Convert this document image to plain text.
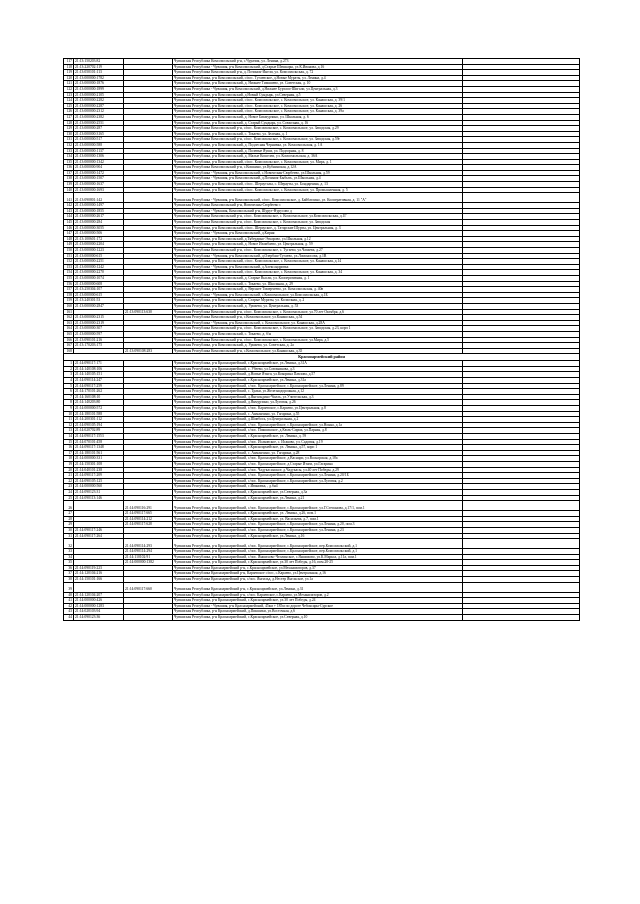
117	21:13:150203:82		Чувашская Республика Комсомольский р-н, с.Чурачик, ул. Ленина, д.273	
118	21:13:220702:119		Чувашская Республика - Чувашия, р-н Комсомольский, д.Старые Шешкары, ул.К.Иванова, д.16	
119	21:13:050101:113		Чувашская Республика Комсомольский р-н, д. Починок-Инели, ул. Комсомольская, д. 72	
120	21:13:000000:1782		Чувашская Республика, р-н Комсомольский, с/пос. Тугаевское, д.Новые Мураты, ул. Ленина, д.4	
121	21:13:000000:1876		Чувашская Республика, р-н Комсомольский, д. Нижнее Тимяшево, ул. Советская, д. 10	
122	21:13:000000:1899		Чувашская Республика - Чувашия, р-н Комсомольский, д.Нижнее Буртаси-Шигали, ул.Центральная, д.3	
123	21:13:000000:2105		Чувашская Республика, р-н Комсомольский, д.Новый Сундырь, ул.Северная, д.5	
124	21:13:000000:2282		Чувашская Республика, р-н Комсомольский, с/пос. Комсомольское, с. Комсомольское, ул. Канашская, д. 39/1	
125	21:13:000000:2287		Чувашская Республика, р-н Комсомольский, с/пос. Комсомольское, с. Комсомольское, ул. Канашская, д. 26	
126	21:13:000000:2312		Чувашская Республика, р-н Комсомольский, с/пос. Комсомольское, с. Комсомольское, ул. Канашская, д. 39а	
127	21:13:000000:2382		Чувашская Республика, р-н Комсомольский, д. Новое Бикмурзино, ул. Школьная, д. 6	
128	21:13:000000:2551		Чувашская Республика, р-н Комсомольский, д. Старый Сундырь, ул. Совхозная, д. 16	
129	21:13:000000:287		Чувашская Республика Комсомольский р-н, с/пос. Комсомольское, с. Комсомольское, ул. Заводская, д.29	
130	21:13:000000:3165		Чувашская Республика, р-н Комсомольский, с. Токаево, ул. Зеленая, д. 1	
131	21:13:000000:517		Чувашская Республика Комсомольский р-н, с/пос. Комсомольское, с. Комсомольское, ул. Заводская, д.59г	
132	21:13:000000:588		Чувашская Республика, р-н Комсомольский, д. Подлесная Чернивка, ул. Комсомольская, д. 1А	
133	21:13:000000:1137		Чувашская Республика, р-н Комсомольский, д. Полевые Яуши, ул. Подгорная, д. 8	
134	21:13:000000:1306		Чувашская Республика, р-н Комсомольский, д. Малые Кошелеи, ул. Комсомольская, д. 36А	
135	21:13:000000:1342		Чувашская Республика, р-н Комсомольский, с/пос. Комсомольское, с. Комсомольское, ул. Мира, д. 1	
136	21:13:000000:904		Чувашская Республика Комсомольский р-н, с.Кошкино, ул.Кубнинская, д.12А	
137	21:13:000000:1472		Чувашская Республика - Чувашия, р-н Комсомольский, с.Новочелны-Сюрбеево, ул.Школьная, д.59	
138	21:13:000000:1507		Чувашская Республика - Чувашия, р-н Комсомольский, д.Починок-Быбыть, ул.Школьная, д.4	
139	21:13:000000:1637		Чувашская Республика, р-н Комсомольский, с/пос. Шерауталы, с. Шерауты, ул. Бондарчина, д. 13	
140	21:13:000000:1693		Чувашская Республика, р-н Комсомольский, с/пос. Комсомольское, с. Комсомольское, ул. Промышленная, д. 5	
141	21:13:090801:142		Чувашская Республика - Чувашия, р-н Комсомольский, с/пос. Комсомольское, д. Байбатлино, ул. Кооперативная, д. 11 "А"	
142	21:13:000000:1497		Чувашская Республика Комсомольский р-н, Новочелны-Сюрбеево с	
143	21:13:000000:1855		Чувашская Республика - Чувашия, Комсомольский р-н, Шурут-Нурусово д	
144	21:13:000000:2617		Чувашская Республика Комсомольский р-н, с/пос. Комсомольское, с. Комсомольское, ул.Комсомольская, д.1Г	
145	21:13:000000:284		Чувашская Республика Комсомольский р-н, с/пос. Комсомольское, с. Комсомольское, ул. Заводская	
146	21:13:000000:3055		Чувашская Республика, р-н Комсомольский, с/пос. Шерауское, д. Татарские Шурты, ул. Центральная, д. 3	
147	21:13:000000:506		Чувашская Республика - Чувашия, р-н Комсомольский, д.Кирня	
148	21:13:100601:172		Чувашская Республика, р-н Комсомольский, д.Тябердино-Эткарово, ул.Школьная, д.12	
149	21:13:000000:2204		Чувашская Республика, р-н Комсомольский, д. Новое Изамбаево, ул. Центральная, д. 59	
150	21:13:000000:1223		Чувашская Республика Комсомольский р-н, с/пос. Комсомольское, с. Тугаево, ул.Чапаева, д.27	
151	21:13:000000:615		Чувашская Республика - Чувашия, р-н Комсомольский, д.Озербаш-Тугаево, ул.Ломоносова, д.1В	
152	21:13:000000:2251		Чувашская Республика, р-н Комсомольский, с/пос. Комсомольское, с. Комсомольское, ул. Канашская, д.14	
153	21:13:000000:1242		Чувашская Республика - Чувашия, р-н Комсомольский, д.Александровка	
154	21:13:000000:2270		Чувашская Республика, р-н Комсомольский, с/пос. Комсомольское, с. Комсомольское, ул. Канашская, д. 34	
155	21:13:000000:1074		Чувашская Республика, р-н Комсомольский, д. Старые Высли, ул. Кооперативная, д. 1	
156	21:13:000000:608		Чувашская Республика, р-н Комсомольский, с. Токаево, ул. Школьная, д. 29	
157	21:13:250304:107		Чувашская Республика, р-н Комсомольский, д. Верхнее Тимерчеево, ул. Комсомольская, д. 40в	
158	21:13:000000:615		Чувашская Республика - Чувашия, р-н Комсомольский, с.Комсомольское, ул.Комсомольская, д.1Б	
159	21:13:240301:53		Чувашская Республика, р-н Комсомольский, д. Старые Мураты, ул. Колхозная, д. 2	
160	21:13:000000:2847		Чувашская Республика, р-н Комсомольский, д. Урмаево, ул. Центральная, д. 53	
161		21:13:090113:630	Чувашская Республика Комсомольский р-н, с/пос. Комсомольское, с. Комсомольское, ул.70 лет Октября, д.6	
162	21:13:000000:2315		Чувашская Республика Комсомольский р-н, с.Комсомольское, ул.Канашская, д.54	
163	21:13:000000:2319		Чувашская Республика - Чувашия, р-н Комсомольский, с. Комсомольское, ул. Канашская, д.28А	
164	21:13:000000:307		Чувашская Республика Комсомольский р-н, с/пос. Комсомольское, с. Комсомольское, ул. Заводская, д.23, корп 1	
165	21:13:000000:597		Чувашская Республика, р-н Комсомольский, с. Токаево, д. б/н	
166	21:13:090101:216		Чувашская Республика Комсомольский р-н, с/пос. Комсомольское, с. Комсомольское, ул.Мира, д.5	
167	21:13:170203:175		Чувашская Республика, р-н Комсомольский, д. Урмаево, ул. Советская, д. 2а	
168		21:13:090108:283	Чувашская Республика Комсомольский р-н, с.Комсомольское, ул.Канашская, д.35	
Красноармейский район				
1	21:14:090117:171		Чувашская Республика, р-н Красноармейский, с.Красноармейское, ул.Ленина, д.31А	
2	21:14:140108:106		Чувашская Республика, р-н Красноармейский, с. Убеево, ул.Союзникова, д.3	
3	21:14:140105:151		Чувашская Республика, р-н Красноармейский, д.Новые Ятнги, ул.Кокорина Павлова, д.57	
4	21:14:090114:247		Чувашская Республика, р-н Красноармейский, с.Красноармейское, ул.Ленина, д.31а	
5	21:14:090117:259		Чувашская Республика, р-н Красноармейский, с/пос. Красноармейское, с.Красноармейское, ул.Ленина, д.89	
6	21:14:170101:262		Чувашская Республика, р-н Красноармейский, с. Траки, ул.Железнодорожная, д.12	
7	21:14:160108:10		Чувашская Республика, р-н Красноармейский, д.Янгильдино-Чилль, ул.Учительская, д.3	
8	21:14:140203:80		Чувашская Республика, р-н Красноармейский, д.Янмурзино, ул.Луговая, д.26	
9	21:14:000000:572		Чувашская Республика, р-н Красноармейский, с/пос. Караевское, с.Караево, ул.Центральная, д.8	
10	21:14:180101:588		Чувашская Республика, р-н Красноармейский, с. Анманчино, ул. Гагарина, д.55	
11	21:14:200301:112		Чувашская Республика, р-н Красноармейский, д.Шивбось, ул.Центральная, д.2	
12	21:14:090105:194		Чувашская Республика, р-н Красноармейский, с/пос. Красноармейское, с.Красноармейское, ул.Нонна, д.1а	
13	21:14:020702:89		Чувашская Республика, р-н Красноармейский, с/пос. Пикшикское, д.Кюль-Сирма, ул.Парная, д.8	
14	21:14:090117:1553		Чувашская Республика, р-н Красноармейский, с.Красноармейское, ул. Ленина, д. 59	
15	21:14:070101:458		Чувашская Республика, р-н Красноармейский, с/пос. Исаковское, с. Исаково, ул. Садовая, д.19	
16	21:14:090117:1348		Чувашская Республика, р-н Красноармейский, с.Красноармейское, ул. Ленина, д.57, корп 1	
17	21:14:180101:561		Чувашская Республика, р-н Красноармейский, с. Анманчино, ул. Гагарина, д.28	
18	21:14:000000:331		Чувашская Республика, р-н Красноармейский, с/пос. Красноармейское, д.Васнари, ул.Васнарская, д.18а	
19	21:14:150301:108		Чувашская Республика, р-н Красноармейский, с/пос. Красноармейское, д.Старые Итяги, ул.Гагарина	
20	21:14:040101:238		Чувашская Республика, р-н Красноармейский, с/пос. Чадукасинское, д.Чадукасы, ул.40 лет Победы, д.29	
21	21:14:090117:209		Чувашская Республика, р-н Красноармейский, с/пос. Красноармейское, с.Красноармейское, ул.Ленина, д.20/1Б	
22	21:14:090105:125		Чувашская Республика, р-н Красноармейский, с/пос. Красноармейское, с.Красноармейское, ул.Луговая, д.2	
23	21:14:000000:560		Чувашская Республика, р-н Красноармейский, с.Ивановка, , д.бн4	
24	21:14:090123:31		Чувашская Республика, р-н Красноармейский, с.Красноармейское, ул.Северная, д.3а	
25	21:14:090113:146		Чувашская Республика, р-н Красноармейский, с.Красноармейское, ул.Ленина, д.21	
26		21:14:090116:291	Чувашская Республика, р-н Красноармейский, с/пос. Красноармейское, с.Красноармейское, ул.Г.Степанова, д.17/1, пом.1	
27		21:14:090117:665	Чувашская Республика, р-н Красноармейский, с.Красноармейское, ул. Ленина, д.26, пом.1	
28		21:14:090114:212	Чувашская Республика, р-н Красноармейский, с.Красноармейское, ул. Васильева, д.7, пом.1	
29		21:14:090117:628	Чувашская Республика, р-н Красноармейский, с/пос. Красноармейское, с.Красноармейское, ул.Ленина, д.20, пом.3	
30	21:14:090117:246		Чувашская Республика, р-н Красноармейский, с/пос. Красноармейское, с.Красноармейское, ул.Ленина, д.23	
31	21:14:090117:264		Чувашская Республика, р-н Красноармейский, с.Красноармейское, ул.Ленина, д.16	
32		21:14:090114:293	Чувашская Республика, р-н Красноармейский, с/пос. Красноармейское, с.Красноармейское, пер.Комсомольский, д.1	
33		21:14:090114:294	Чувашская Республика, р-н Красноармейский, с/пос. Красноармейское, с.Красноармейское, пер.Комсомольский, д.1	
34		21:14:110102:91	Чувашская Республика, р-н Красноармейский, с/пос. Яншихово-Челлинское, с.Яншихово, ул.К.Маркса, д.11а, пом.1	
35		21:14:000000:1382	Чувашская Республика, р-н Красноармейский, с.Красноармейское, ул.30 лет Победы, д.16, пом.20-25	
36	21:14:090119:223		Чувашская Республика Красноармейский р-н, с.Красноармейское, ул.Механизаторов, д.37	
37	21:14:120104:216		Чувашская Республика Красноармейский р-н, Караевское с/пос, с.Караево, ул.Центральная, д.16	
38	21:14:150101:166		Чувашская Республика Красноармейский р-н, с/пос. Янгильд, д.Нестер Янгльское, ул.1а	
39		21:14:090117:660	Чувашская Республика Красноармейский р-н, с.Красноармейское, ул.Ленина, д.31	
40	21:14:120104:207		Чувашская Республика Красноармейский р-н, с/пос. Караевское, с.Караево, ул.Механизаторов, д.2	
41	21:14:000000:426		Чувашская Республика, р-н Красноармейский, с.Красноармейское, ул.30 лет Победы, д.24	
42	21:14:000000:1283		Чувашская Республика - Чувашия, р-н Красноармейский, 45км + 185м по дороге Чебоксары-Сурское	
43	21:14:020103:94		Чувашская Республика, р-н Красноармейский, д.Пикшики, ул.Восточная, д.6	
44	21:14:090123:36		Чувашская Республика, р-н Красноармейский, с.Красноармейское, ул.Северная, д.10	
